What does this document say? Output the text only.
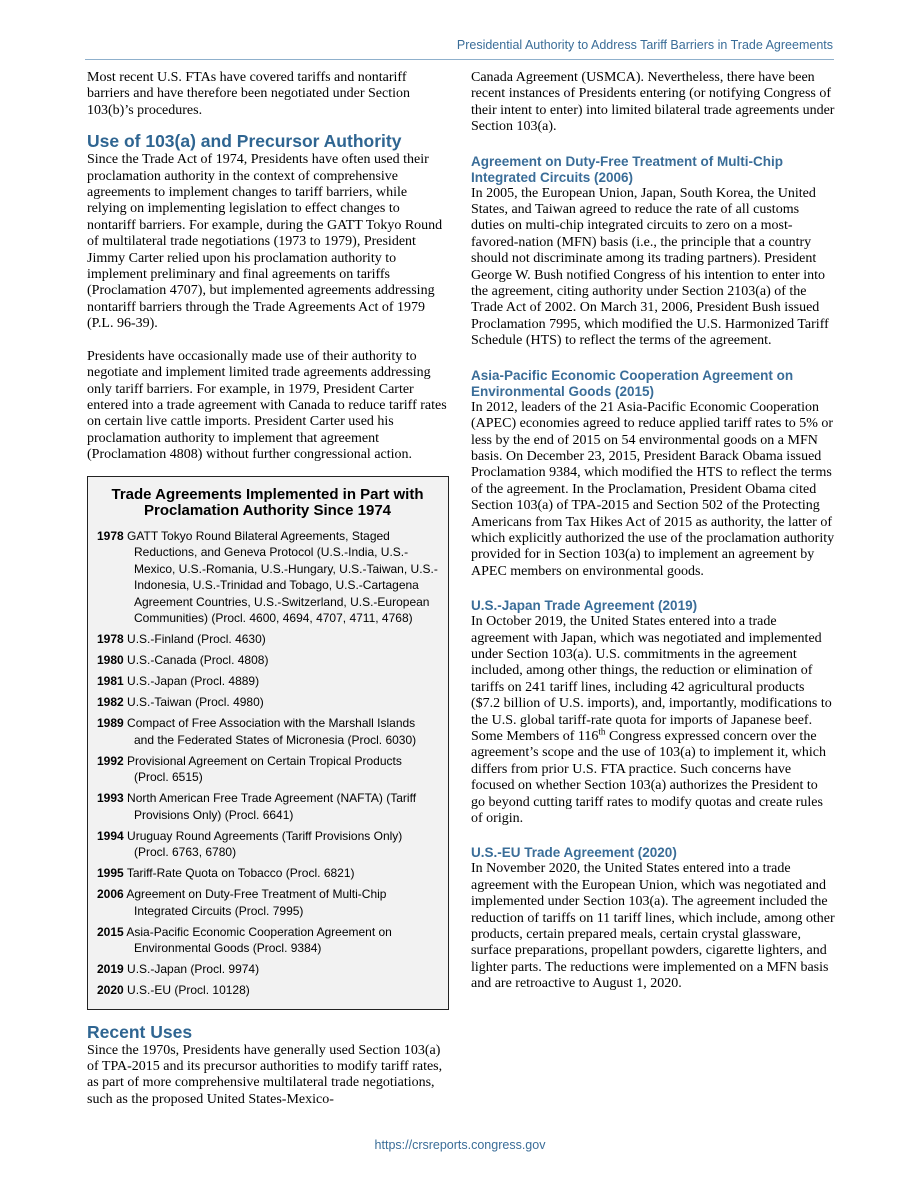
Presidential Authority to Address Tariff Barriers in Trade Agreements

Most recent U.S. FTAs have covered tariffs and nontariff barriers and have therefore been negotiated under Section 103(b)’s procedures.

Use of 103(a) and Precursor Authority

Since the Trade Act of 1974, Presidents have often used their proclamation authority in the context of comprehensive agreements to implement changes to tariff barriers, while relying on implementing legislation to effect changes to nontariff barriers. For example, during the GATT Tokyo Round of multilateral trade negotiations (1973 to 1979), President Jimmy Carter relied upon his proclamation authority to implement preliminary and final agreements on tariffs (Proclamation 4707), but implemented agreements addressing nontariff barriers through the Trade Agreements Act of 1979 (P.L. 96-39).

Presidents have occasionally made use of their authority to negotiate and implement limited trade agreements addressing only tariff barriers. For example, in 1979, President Carter entered into a trade agreement with Canada to reduce tariff rates on certain live cattle imports. President Carter used his proclamation authority to implement that agreement (Proclamation 4808) without further congressional action.

Trade Agreements Implemented in Part with Proclamation Authority Since 1974
1978 GATT Tokyo Round Bilateral Agreements, Staged Reductions, and Geneva Protocol (U.S.-India, U.S.-Mexico, U.S.-Romania, U.S.-Hungary, U.S.-Taiwan, U.S.-Indonesia, U.S.-Trinidad and Tobago, U.S.-Cartagena Agreement Countries, U.S.-Switzerland, U.S.-European Communities) (Procl. 4600, 4694, 4707, 4711, 4768)
1978 U.S.-Finland (Procl. 4630)
1980 U.S.-Canada (Procl. 4808)
1981 U.S.-Japan (Procl. 4889)
1982 U.S.-Taiwan (Procl. 4980)
1989 Compact of Free Association with the Marshall Islands and the Federated States of Micronesia (Procl. 6030)
1992 Provisional Agreement on Certain Tropical Products (Procl. 6515)
1993 North American Free Trade Agreement (NAFTA) (Tariff Provisions Only) (Procl. 6641)
1994 Uruguay Round Agreements (Tariff Provisions Only) (Procl. 6763, 6780)
1995 Tariff-Rate Quota on Tobacco (Procl. 6821)
2006 Agreement on Duty-Free Treatment of Multi-Chip Integrated Circuits (Procl. 7995)
2015 Asia-Pacific Economic Cooperation Agreement on Environmental Goods (Procl. 9384)
2019 U.S.-Japan (Procl. 9974)
2020 U.S.-EU (Procl. 10128)
Recent Uses

Since the 1970s, Presidents have generally used Section 103(a) of TPA-2015 and its precursor authorities to modify tariff rates, as part of more comprehensive multilateral trade negotiations, such as the proposed United States-Mexico-

Canada Agreement (USMCA). Nevertheless, there have been recent instances of Presidents entering (or notifying Congress of their intent to enter) into limited bilateral trade agreements under Section 103(a).

Agreement on Duty-Free Treatment of Multi-Chip Integrated Circuits (2006)

In 2005, the European Union, Japan, South Korea, the United States, and Taiwan agreed to reduce the rate of all customs duties on multi-chip integrated circuits to zero on a most-favored-nation (MFN) basis (i.e., the principle that a country should not discriminate among its trading partners). President George W. Bush notified Congress of his intention to enter into the agreement, citing authority under Section 2103(a) of the Trade Act of 2002. On March 31, 2006, President Bush issued Proclamation 7995, which modified the U.S. Harmonized Tariff Schedule (HTS) to reflect the terms of the agreement.

Asia-Pacific Economic Cooperation Agreement on Environmental Goods (2015)

In 2012, leaders of the 21 Asia-Pacific Economic Cooperation (APEC) economies agreed to reduce applied tariff rates to 5% or less by the end of 2015 on 54 environmental goods on a MFN basis. On December 23, 2015, President Barack Obama issued Proclamation 9384, which modified the HTS to reflect the terms of the agreement. In the Proclamation, President Obama cited Section 103(a) of TPA-2015 and Section 502 of the Protecting Americans from Tax Hikes Act of 2015 as authority, the latter of which explicitly authorized the use of the proclamation authority provided for in Section 103(a) to implement an agreement by APEC members on environmental goods.

U.S.-Japan Trade Agreement (2019)

In October 2019, the United States entered into a trade agreement with Japan, which was negotiated and implemented under Section 103(a). U.S. commitments in the agreement included, among other things, the reduction or elimination of tariffs on 241 tariff lines, including 42 agricultural products ($7.2 billion of U.S. imports), and, importantly, modifications to the U.S. global tariff-rate quota for imports of Japanese beef. Some Members of 116th Congress expressed concern over the agreement’s scope and the use of 103(a) to implement it, which differs from prior U.S. FTA practice. Such concerns have focused on whether Section 103(a) authorizes the President to go beyond cutting tariff rates to modify quotas and create rules of origin.

U.S.-EU Trade Agreement (2020)

In November 2020, the United States entered into a trade agreement with the European Union, which was negotiated and implemented under Section 103(a). The agreement included the reduction of tariffs on 11 tariff lines, which include, among other products, certain prepared meals, certain crystal glassware, surface preparations, propellant powders, cigarette lighters, and lighter parts. The reductions were implemented on a MFN basis and are retroactive to August 1, 2020.

https://crsreports.congress.gov
